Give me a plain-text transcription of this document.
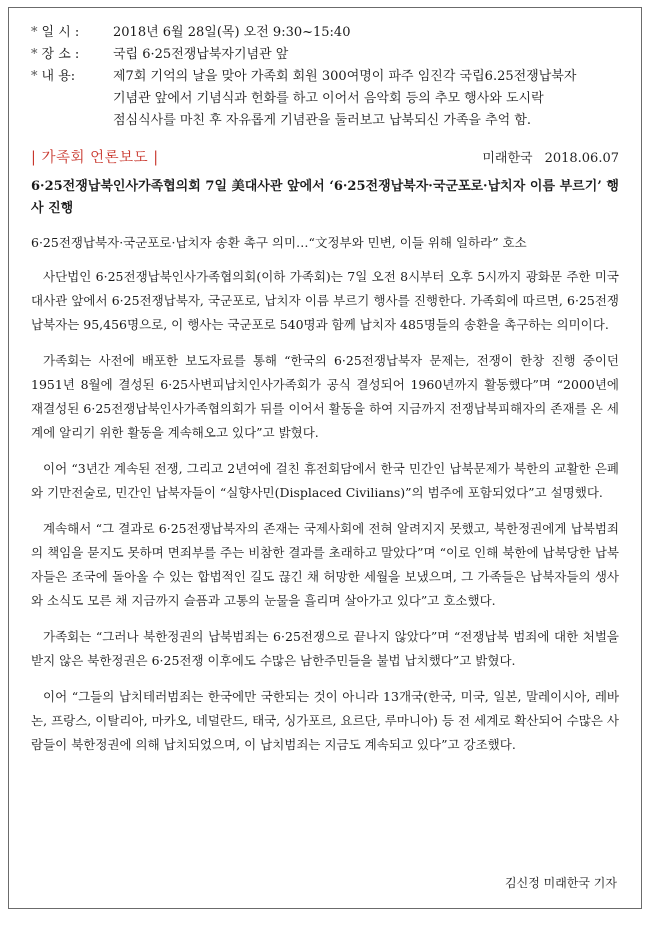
* 일 시 :	2018년 6월 28일(목) 오전 9:30~15:40
* 장 소 :	국립 6·25전쟁납북자기념관 앞
* 내 용:	제7회 기억의 날을 맞아 가족회 회원 300여명이 파주 임진각 국립6.25전쟁납북자

기념관 앞에서 기념식과 헌화를 하고 이어서 음악회 등의 추모 행사와 도시락

점심식사를 마친 후 자유롭게 기념관을 둘러보고 납북되신 가족을 추억 함.

| 가족회 언론보도 |	미래한국 2018.06.07

6·25전쟁납북인사가족협의회 7일 美대사관 앞에서 ‘6·25전쟁납북자·국군포로·납치자 이름 부르기’ 행사 진행

6·25전쟁납북자·국군포로·납치자 송환 촉구 의미…“文정부와 민변, 이들 위해 일하라” 호소

사단법인 6·25전쟁납북인사가족협의회(이하 가족회)는 7일 오전 8시부터 오후 5시까지 광화문 주한 미국대사관 앞에서 6·25전쟁납북자, 국군포로, 납치자 이름 부르기 행사를 진행한다. 가족회에 따르면, 6·25전쟁납북자는 95,456명으로, 이 행사는 국군포로 540명과 함께 납치자 485명들의 송환을 촉구하는 의미이다.

가족회는 사전에 배포한 보도자료를 통해 “한국의 6·25전쟁납북자 문제는, 전쟁이 한창 진행 중이던 1951년 8월에 결성된 6·25사변피납치인사가족회가 공식 결성되어 1960년까지 활동했다”며 “2000년에 재결성된 6·25전쟁납북인사가족협의회가 뒤를 이어서 활동을 하여 지금까지 전쟁납북피해자의 존재를 온 세계에 알리기 위한 활동을 계속해오고 있다”고 밝혔다.

이어 “3년간 계속된 전쟁, 그리고 2년여에 걸친 휴전회담에서 한국 민간인 납북문제가 북한의 교활한 은폐와 기만전술로, 민간인 납북자들이 “실향사민(Displaced Civilians)”의 범주에 포함되었다”고 설명했다.

계속해서 “그 결과로 6·25전쟁납북자의 존재는 국제사회에 전혀 알려지지 못했고, 북한정권에게 납북범죄의 책임을 묻지도 못하며 면죄부를 주는 비참한 결과를 초래하고 말았다”며 “이로 인해 북한에 납북당한 납북자들은 조국에 돌아올 수 있는 합법적인 길도 끊긴 채 허망한 세월을 보냈으며, 그 가족들은 납북자들의 생사와 소식도 모른 채 지금까지 슬픔과 고통의 눈물을 흘리며 살아가고 있다”고 호소했다.

가족회는 “그러나 북한정권의 납북범죄는 6·25전쟁으로 끝나지 않았다”며 “전쟁납북 범죄에 대한 처벌을 받지 않은 북한정권은 6·25전쟁 이후에도 수많은 남한주민들을 불법 납치했다”고 밝혔다.

이어 “그들의 납치테러범죄는 한국에만 국한되는 것이 아니라 13개국(한국, 미국, 일본, 말레이시아, 레바논, 프랑스, 이탈리아, 마카오, 네덜란드, 태국, 싱가포르, 요르단, 루마니아) 등 전 세계로 확산되어 수많은 사람들이 북한정권에 의해 납치되었으며, 이 납치범죄는 지금도 계속되고 있다”고 강조했다.

김신정 미래한국 기자
